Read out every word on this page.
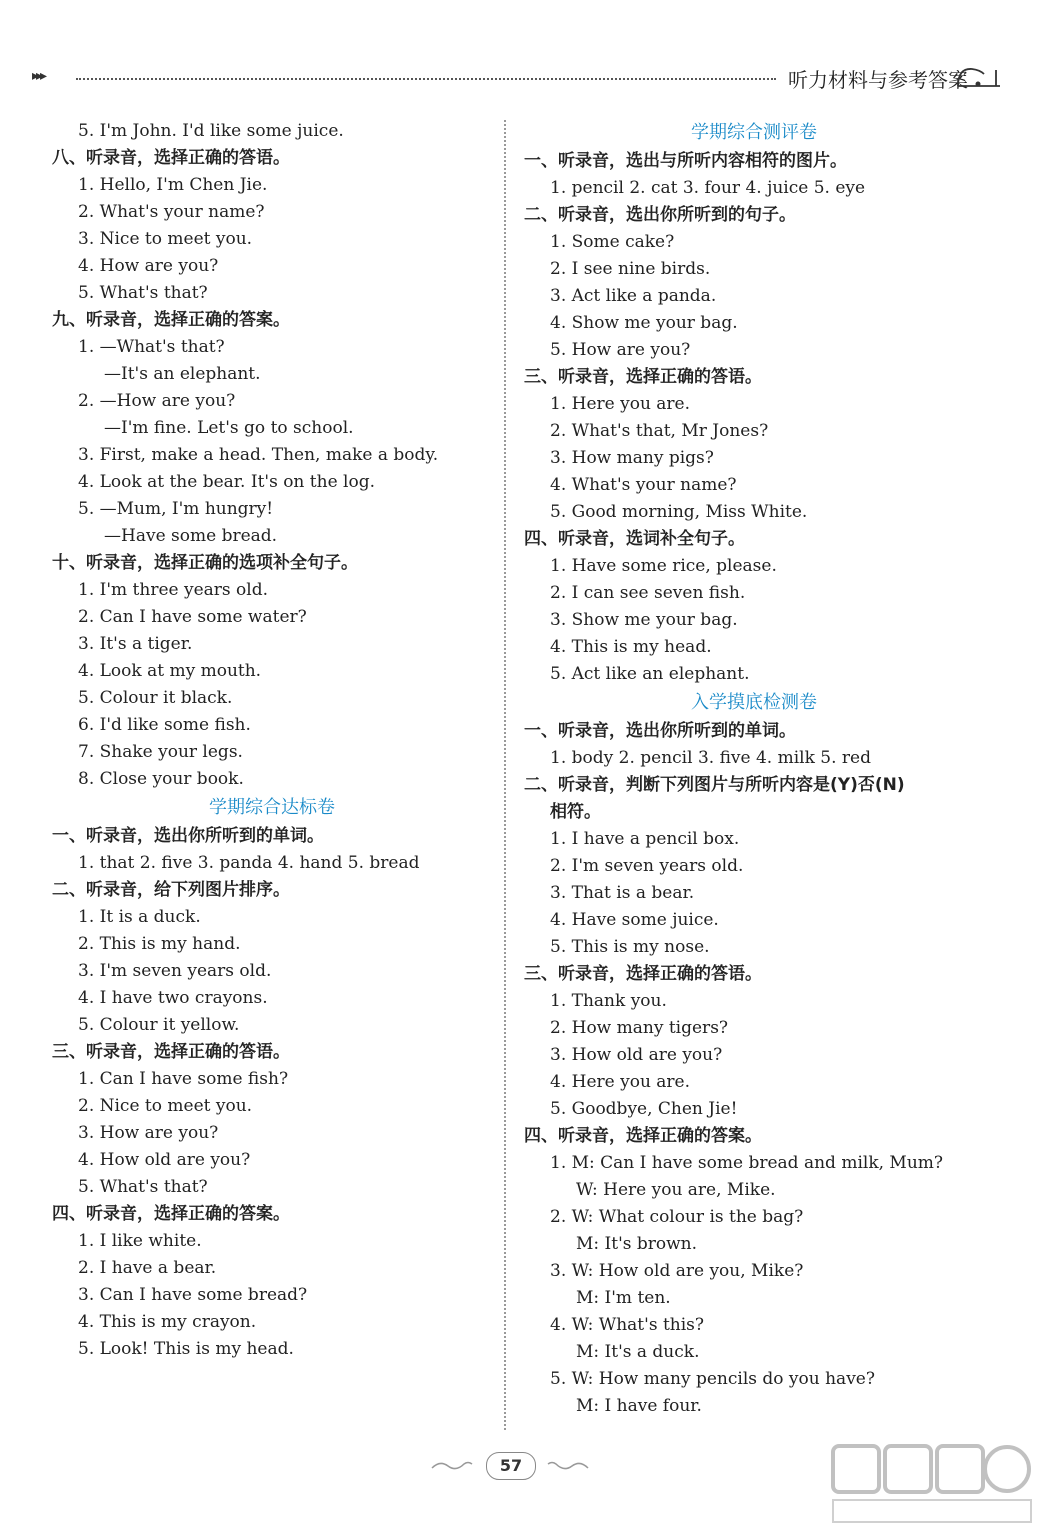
▸▸▸	听力材料与参考答案
5. I'm John. I'd like some juice.
八、听录音，选择正确的答语。
1. Hello, I'm Chen Jie.
2. What's your name?
3. Nice to meet you.
4. How are you?
5. What's that?
九、听录音，选择正确的答案。
1. —What's that?
—It's an elephant.
2. —How are you?
—I'm fine. Let's go to school.
3. First, make a head. Then, make a body.
4. Look at the bear. It's on the log.
5. —Mum, I'm hungry!
—Have some bread.
十、听录音，选择正确的选项补全句子。
1. I'm three years old.
2. Can I have some water?
3. It's a tiger.
4. Look at my mouth.
5. Colour it black.
6. I'd like some fish.
7. Shake your legs.
8. Close your book.
学期综合达标卷
一、听录音，选出你所听到的单词。
1. that 2. five 3. panda 4. hand 5. bread
二、听录音，给下列图片排序。
1. It is a duck.
2. This is my hand.
3. I'm seven years old.
4. I have two crayons.
5. Colour it yellow.
三、听录音，选择正确的答语。
1. Can I have some fish?
2. Nice to meet you.
3. How are you?
4. How old are you?
5. What's that?
四、听录音，选择正确的答案。
1. I like white.
2. I have a bear.
3. Can I have some bread?
4. This is my crayon.
5. Look! This is my head.
学期综合测评卷
一、听录音，选出与所听内容相符的图片。
1. pencil 2. cat 3. four 4. juice 5. eye
二、听录音，选出你所听到的句子。
1. Some cake?
2. I see nine birds.
3. Act like a panda.
4. Show me your bag.
5. How are you?
三、听录音，选择正确的答语。
1. Here you are.
2. What's that, Mr Jones?
3. How many pigs?
4. What's your name?
5. Good morning, Miss White.
四、听录音，选词补全句子。
1. Have some rice, please.
2. I can see seven fish.
3. Show me your bag.
4. This is my head.
5. Act like an elephant.
入学摸底检测卷
一、听录音，选出你所听到的单词。
1. body 2. pencil 3. five 4. milk 5. red
二、听录音，判断下列图片与所听内容是(Y)否(N)
相符。
1. I have a pencil box.
2. I'm seven years old.
3. That is a bear.
4. Have some juice.
5. This is my nose.
三、听录音，选择正确的答语。
1. Thank you.
2. How many tigers?
3. How old are you?
4. Here you are.
5. Goodbye, Chen Jie!
四、听录音，选择正确的答案。
1. M: Can I have some bread and milk, Mum?
W: Here you are, Mike.
2. W: What colour is the bag?
M: It's brown.
3. W: How old are you, Mike?
M: I'm ten.
4. W: What's this?
M: It's a duck.
5. W: How many pencils do you have?
M: I have four.
57
